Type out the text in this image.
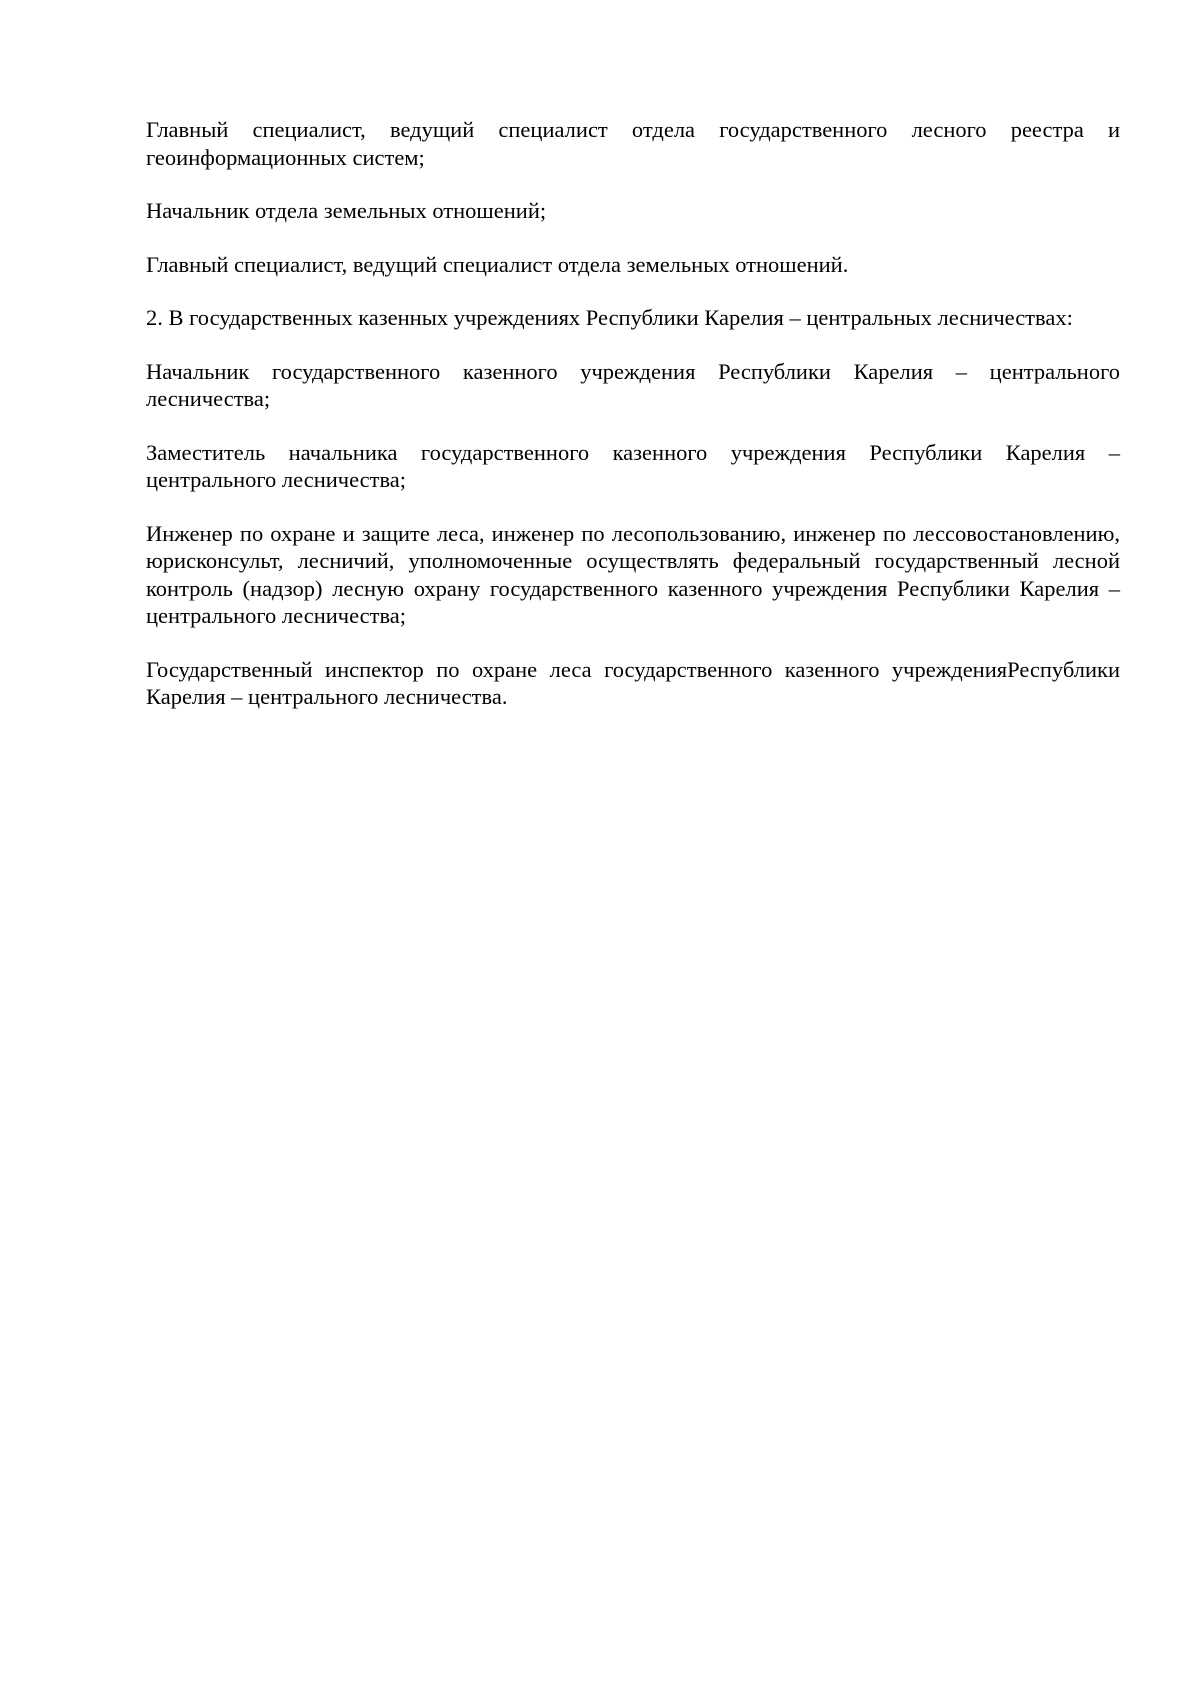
Главный специалист, ведущий специалист отдела государственного лесного реестра и геоинформационных систем;

Начальник отдела земельных отношений;

Главный специалист, ведущий специалист отдела земельных отношений.

2. В государственных казенных учреждениях Республики Карелия – центральных лесничествах:

Начальник государственного казенного учреждения Республики Карелия – центрального лесничества;

Заместитель начальника государственного казенного учреждения Республики Карелия – центрального лесничества;

Инженер по охране и защите леса, инженер по лесопользованию, инженер по лессовостановлению, юрисконсульт, лесничий, уполномоченные осуществлять федеральный государственный лесной контроль (надзор) лесную охрану государственного казенного учреждения Республики Карелия – центрального лесничества;

Государственный инспектор по охране леса государственного казенного учрежденияРеспублики Карелия – центрального лесничества.
